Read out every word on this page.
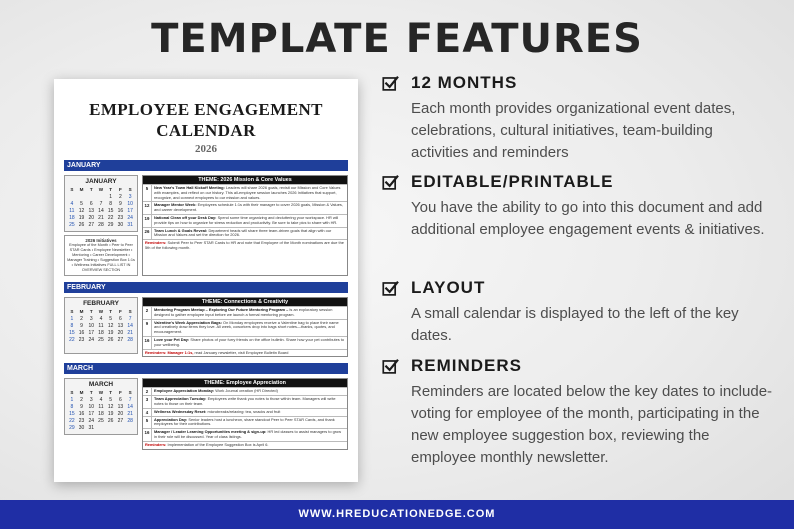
TEMPLATE FEATURES
EMPLOYEE ENGAGEMENT
CALENDAR
2026
JANUARY
JANUARY
S	M	T	W	T	F	S
				1	2	3
4	5	6	7	8	9	10
11	12	13	14	15	16	17
18	19	20	21	22	23	24
25	26	27	28	29	30	31
2026 Initiatives
Employee of the Month • Peer to Peer STAR Cards • Employee Newsletter • Mentoring • Career Development • Manager Training • Suggestion Box 1:1s • Wellness Initiatives FULL LIST IN OVERVIEW SECTION
THEME: 2026 Mission & Core Values
5	New Year's Town Hall Kickoff Meeting: Leaders will share 2026 goals, revisit our Mission and Core Values with examples, and reflect on our history. This all-employee session launches 2026 Initiatives that support, recognize, and connect employees to our mission and values.
12	Manager Mentor Week: Employees schedule 1:1s with their manager to cover 2026 goals, Mission & Values, and career development.
19	National Clean off your Desk Day: Spend some time organizing and decluttering your workspace. HR will provide tips on how to organize for stress reduction and productivity. Be sure to take pics to share with HR.
26	Team Lunch & Goals Reveal: Department heads will share three team-driven goals that align with our Mission and Values and set the direction for 2026.
Reminders: Submit Peer to Peer STAR Cards to HR and note that Employee of the Month nominations are due the 5th of the following month.
FEBRUARY
FEBRUARY
S	M	T	W	T	F	S
1	2	3	4	5	6	7
8	9	10	11	12	13	14
15	16	17	18	19	20	21
22	23	24	25	26	27	28

THEME: Connections & Creativity
2	Mentoring Program Meetup – Exploring Our Future Mentoring Program – Is an exploratory session designed to gather employee input before we launch a formal mentoring program.
9	Valentine's Week Appreciation Bags: On Monday employees receive a Valentine bag to place their name and creatively draw items they love. All week, coworkers drop into bags short notes—thanks, quotes, and encouragement.
16	Love your Pet Day: Share photos of your furry friends on the office bulletin. Share how your pet contributes to your wellbeing.
Reminders: Manager 1:1s, read January newsletter, visit Employee Bulletin Board
MARCH
MARCH
S	M	T	W	T	F	S
1	2	3	4	5	6	7
8	9	10	11	12	13	14
15	16	17	18	19	20	21
22	23	24	25	26	27	28
29	30	31				
THEME: Employee Appreciation
2	Employee Appreciation Monday: Work Journal creation (HR Directed)
3	Team Appreciation Tuesday: Employees write thank you notes to those within team. Managers will write notes to those on their team.
4	Wellness Wednesday Reset: microbreaks/relaxing: tea, snacks and fruit
5	Appreciation Day: Senior leaders host a luncheon, share standout Peer to Peer STAR Cards, and thank employees for their contributions.
16	Manager / Leader Learning Opportunities meeting & sign-up: HR led classes to assist managers to grow in their role will be discussed. Year of class listings.
Reminders: Implementation of the Employee Suggestion Box is April 6.
12 MONTHS
Each month provides organizational event dates, celebrations, cultural initiatives, team-building activities and reminders
EDITABLE/PRINTABLE
You have the ability to go into this document and add additional employee engagement events & initiatives.
LAYOUT
A small calendar is displayed to the left of the key dates.
REMINDERS
Reminders are located below the key dates to include- voting for employee of the month, participating in the new employee suggestion box, reviewing the employee monthly newsletter.
WWW.HREDUCATIONEDGE.COM
